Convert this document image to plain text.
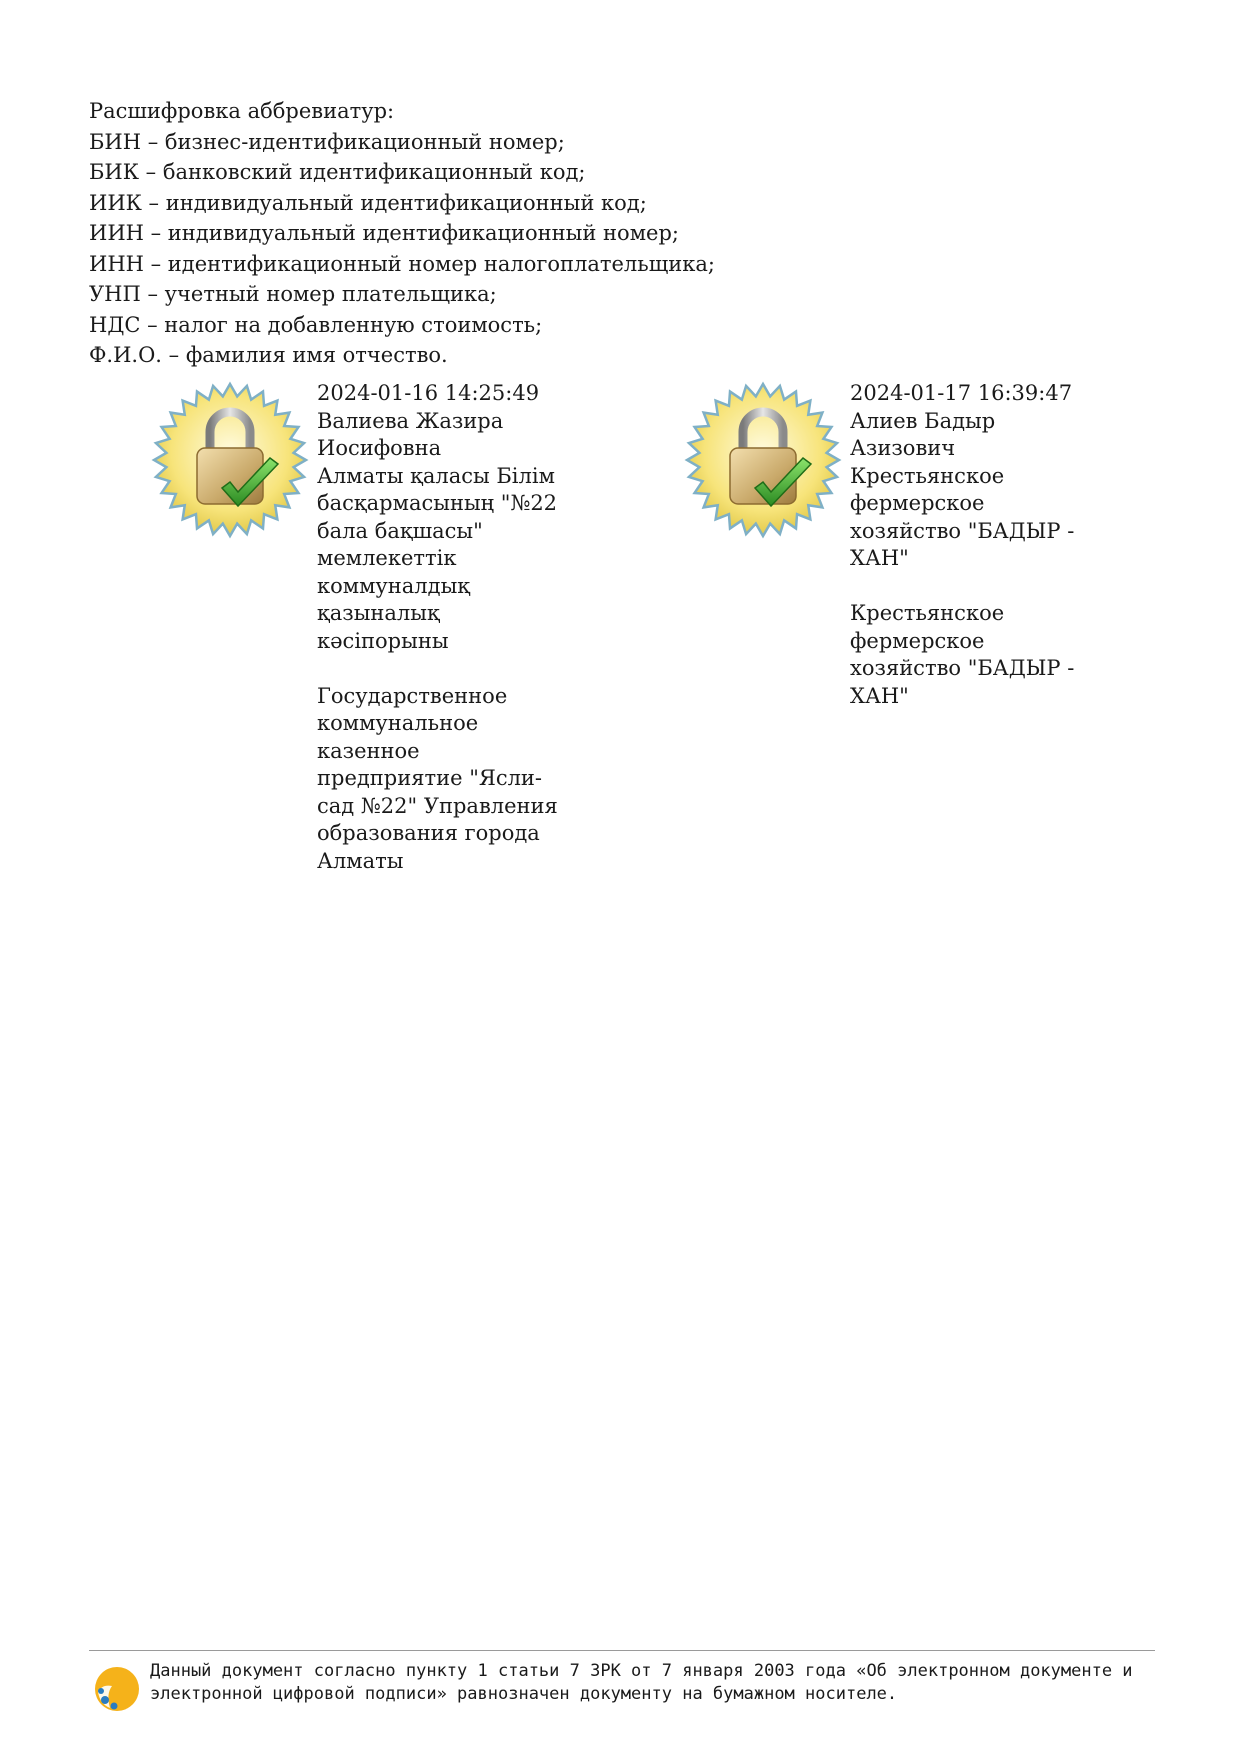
Расшифровка аббревиатур:
БИН – бизнес-идентификационный номер;
БИК – банковский идентификационный код;
ИИК – индивидуальный идентификационный код;
ИИН – индивидуальный идентификационный номер;
ИНН – идентификационный номер налогоплательщика;
УНП – учетный номер плательщика;
НДС – налог на добавленную стоимость;
Ф.И.О. – фамилия имя отчество.
2024-01-16 14:25:49
Валиева Жазира
Иосифовна
Алматы қаласы Білім
басқармасының "№22
бала бақшасы"
мемлекеттік
коммуналдық
қазыналық
кәсіпорыны
Государственное
коммунальное
казенное
предприятие "Ясли-
сад №22" Управления
образования города
Алматы
2024-01-17 16:39:47
Алиев Бадыр
Азизович
Крестьянское
фермерское
хозяйство "БАДЫР -
ХАН"
Крестьянское
фермерское
хозяйство "БАДЫР -
ХАН"
Данный документ согласно пункту 1 статьи 7 ЗРК от 7 января 2003 года «Об электронном документе и
электронной цифровой подписи» равнозначен документу на бумажном носителе.
